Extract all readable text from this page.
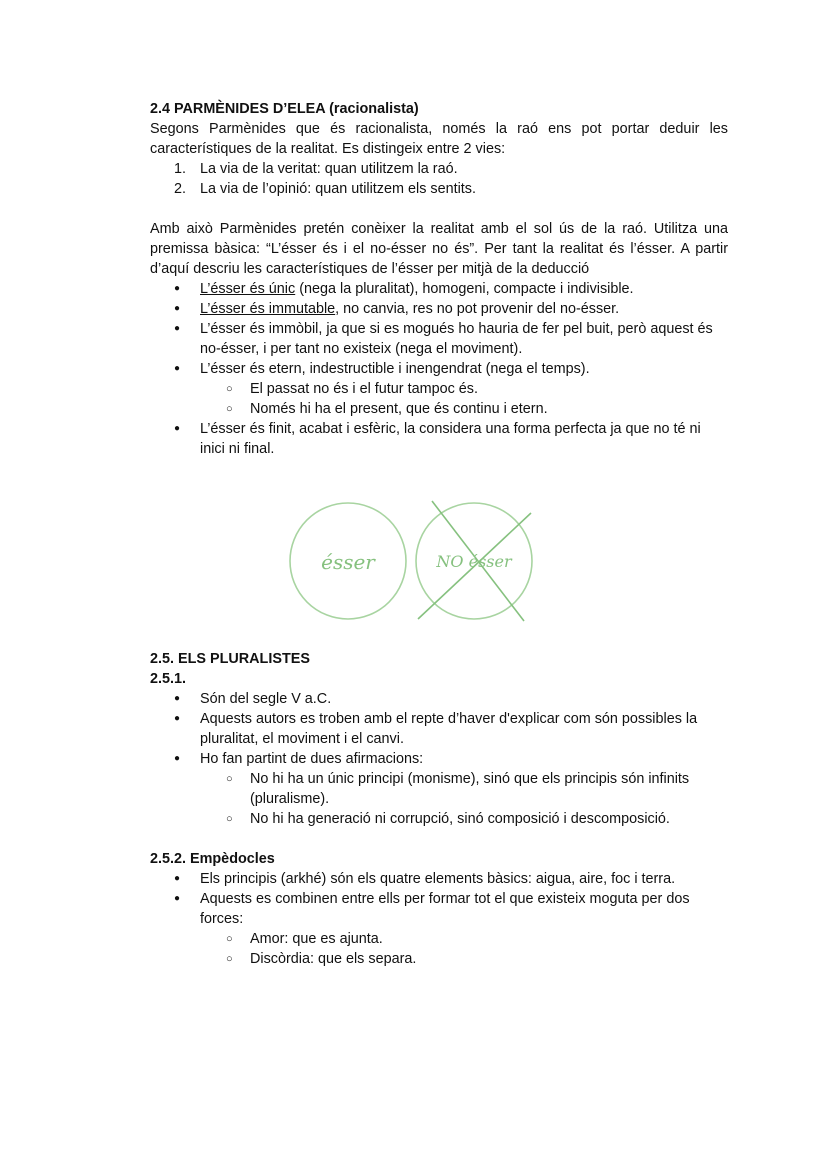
2.4 PARMÈNIDES D’ELEA (racionalista)

Segons Parmènides que és racionalista, només la raó ens pot portar deduir les característiques de la realitat. Es distingeix entre 2 vies:

1. La via de la veritat: quan utilitzem la raó.
2. La via de l’opinió: quan utilitzem els sentits.

Amb això Parmènides pretén conèixer la realitat amb el sol ús de la raó. Utilitza una premissa bàsica: “L’ésser és i el no-ésser no és”. Per tant la realitat és l’ésser. A partir d’aquí descriu les característiques de l’ésser per mitjà de la deducció

● L’ésser és únic (nega la pluralitat), homogeni, compacte i indivisible.
● L’ésser és immutable, no canvia, res no pot provenir del no-ésser.
● L’ésser és immòbil, ja que si es mogués ho hauria de fer pel buit, però aquest és no-ésser, i per tant no existeix (nega el moviment).
● L’ésser és etern, indestructible i inengendrat (nega el temps).
○ El passat no és i el futur tampoc és.
○ Només hi ha el present, que és continu i etern.
● L’ésser és finit, acabat i esfèric, la considera una forma perfecta ja que no té ni inici ni final.
ésser	NO ésser
2.5. ELS PLURALISTES
2.5.1.
● Són del segle V a.C.
● Aquests autors es troben amb el repte d’haver d'explicar com són possibles la pluralitat, el moviment i el canvi.
● Ho fan partint de dues afirmacions:
○ No hi ha un únic principi (monisme), sinó que els principis són infinits (pluralisme).
○ No hi ha generació ni corrupció, sinó composició i descomposició.
2.5.2. Empèdocles
● Els principis (arkhé) són els quatre elements bàsics: aigua, aire, foc i terra.
● Aquests es combinen entre ells per formar tot el que existeix moguta per dos forces:
○ Amor: que es ajunta.
○ Discòrdia: que els separa.
